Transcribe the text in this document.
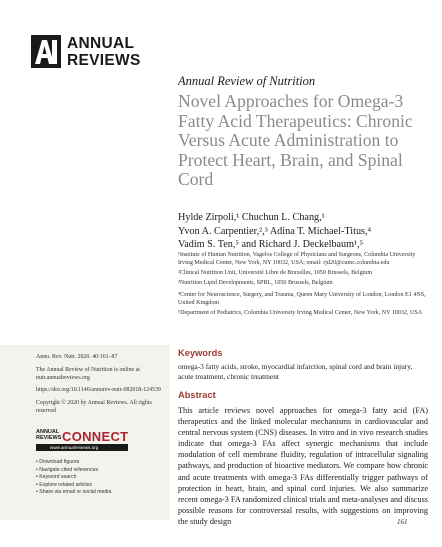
ANNUAL
REVIEWS
Annual Review of Nutrition
Novel Approaches for Omega-3 Fatty Acid Therapeutics: Chronic Versus Acute Administration to Protect Heart, Brain, and Spinal Cord
Hylde Zirpoli,¹ Chuchun L. Chang,¹
Yvon A. Carpentier,²,³ Adina T. Michael-Titus,⁴
Vadim S. Ten,⁵ and Richard J. Deckelbaum¹,⁵
¹Institute of Human Nutrition, Vagelos College of Physicians and Surgeons, Columbia University Irving Medical Center, New York, NY 10032, USA; email: rjd20@cumc.columbia.edu
²Clinical Nutrition Unit, Université Libre de Bruxelles, 1050 Brussels, Belgium
³Nutrition Lipid Developments, SPRL, 1050 Brussels, Belgium
⁴Center for Neuroscience, Surgery, and Trauma, Queen Mary University of London, London E1 4NS, United Kingdom
⁵Department of Pediatrics, Columbia University Irving Medical Center, New York, NY 10032, USA

Annu. Rev. Nutr. 2020. 40:161–87

The Annual Review of Nutrition is online at nutr.annualreviews.org

https://doi.org/10.1146/annurev-nutr-082018-124539

Copyright © 2020 by Annual Reviews. All rights reserved

ANNUAL REVIEWS CONNECT
www.annualreviews.org
• Download figures
• Navigate cited references
• Keyword search
• Explore related articles
• Share via email or social media
Keywords
omega-3 fatty acids, stroke, myocardial infarction, spinal cord and brain injury, acute treatment, chronic treatment
Abstract
This article reviews novel approaches for omega-3 fatty acid (FA) therapeutics and the linked molecular mechanisms in cardiovascular and central nervous system (CNS) diseases. In vitro and in vivo research studies indicate that omega-3 FAs affect synergic mechanisms that include modulation of cell membrane fluidity, regulation of intracellular signaling pathways, and production of bioactive mediators. We compare how chronic and acute treatments with omega-3 FAs differentially trigger pathways of protection in heart, brain, and spinal cord injuries. We also summarize recent omega-3 FA randomized clinical trials and meta-analyses and discuss possible reasons for controversial results, with suggestions on improving the study design	161
